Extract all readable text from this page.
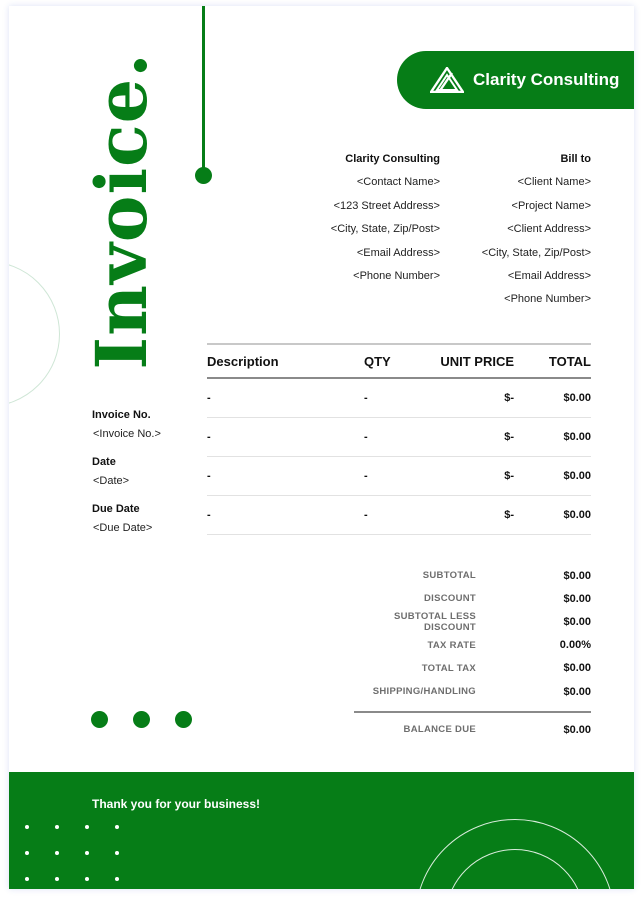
Invoice.	Clarity Consulting
Clarity Consulting
<Contact Name>
<123 Street Address>
<City, State, Zip/Post>
<Email Address>
<Phone Number>
Bill to
<Client Name>
<Project Name>
<Client Address>
<City, State, Zip/Post>
<Email Address>
<Phone Number>
Invoice No.
<Invoice No.>
Date
<Date>
Due Date
<Due Date>
Description	QTY	UNIT PRICE	TOTAL
-	-	$-	$0.00
-	-	$-	$0.00
-	-	$-	$0.00
-	-	$-	$0.00
SUBTOTAL	$0.00
DISCOUNT	$0.00
SUBTOTAL LESS DISCOUNT	$0.00
TAX RATE	0.00%
TOTAL TAX	$0.00
SHIPPING/HANDLING	$0.00
BALANCE DUE	$0.00
Thank you for your business!
